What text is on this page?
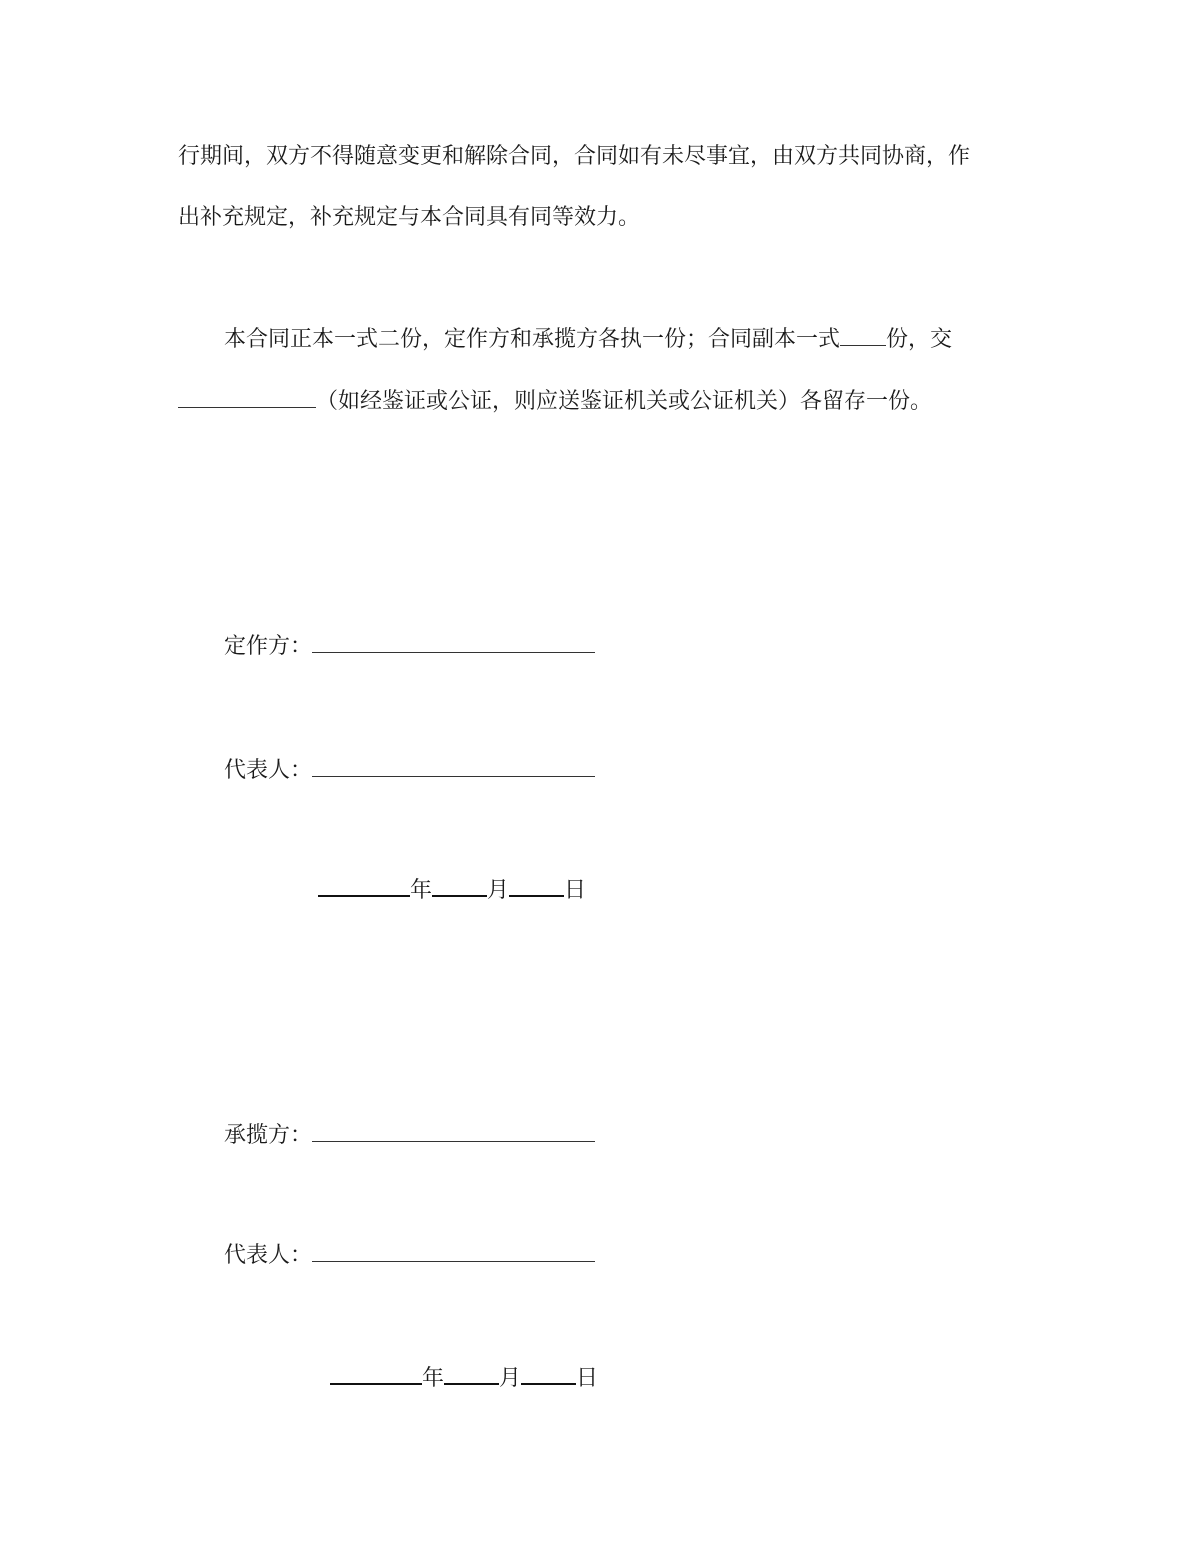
行期间，双方不得随意变更和解除合同，合同如有未尽事宜，由双方共同协商，作
出补充规定，补充规定与本合同具有同等效力。
本合同正本一式二份，定作方和承揽方各执一份；合同副本一式 份，交
（如经鉴证或公证，则应送鉴证机关或公证机关）各留存一份。
定作方：
代表人：
年	月	日
承揽方：
代表人：
年	月	日
